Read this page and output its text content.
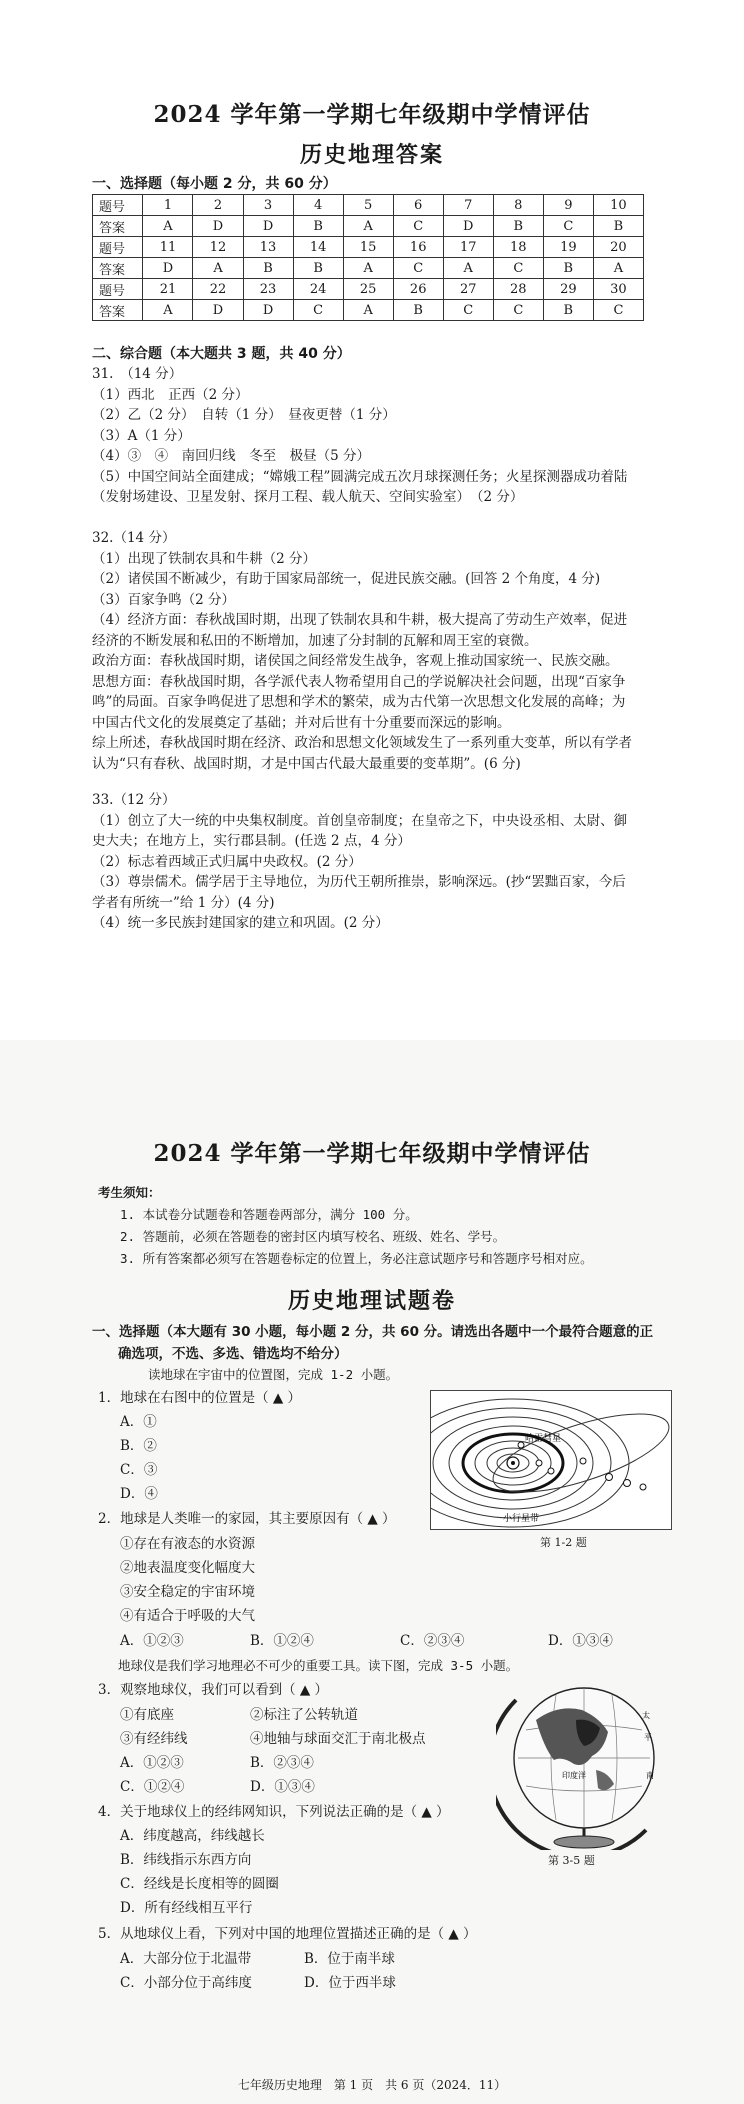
2024 学年第一学期七年级期中学情评估
历史地理答案
一、选择题（每小题 2 分，共 60 分）
题号	1	2	3	4	5	6	7	8	9	10
答案	A	D	D	B	A	C	D	B	C	B
题号	11	12	13	14	15	16	17	18	19	20
答案	D	A	B	B	A	C	A	C	B	A
题号	21	22	23	24	25	26	27	28	29	30
答案	A	D	D	C	A	B	C	C	B	C
二、综合题（本大题共 3 题，共 40 分）
31.　（14 分）
（1）西北　正西（2 分）
（2）乙（2 分）　自转（1 分）　昼夜更替（1 分）
（3）A（1 分）
（4）③　④　南回归线　冬至　极昼（5 分）
（5）中国空间站全面建成；“嫦娥工程”圆满完成五次月球探测任务；火星探测器成功着陆
（发射场建设、卫星发射、探月工程、载人航天、空间实验室）　（2 分）
32.（14 分）
（1）出现了铁制农具和牛耕（2 分）
（2）诸侯国不断减少，有助于国家局部统一，促进民族交融。(回答 2 个角度，4 分)
（3）百家争鸣（2 分）
（4）经济方面：春秋战国时期，出现了铁制农具和牛耕，极大提高了劳动生产效率，促进
经济的不断发展和私田的不断增加，加速了分封制的瓦解和周王室的衰微。
政治方面：春秋战国时期，诸侯国之间经常发生战争，客观上推动国家统一、民族交融。
思想方面：春秋战国时期，各学派代表人物希望用自己的学说解决社会问题，出现“百家争
鸣”的局面。百家争鸣促进了思想和学术的繁荣，成为古代第一次思想文化发展的高峰；为
中国古代文化的发展奠定了基础；并对后世有十分重要而深远的影响。
综上所述，春秋战国时期在经济、政治和思想文化领域发生了一系列重大变革，所以有学者
认为“只有春秋、战国时期，才是中国古代最大最重要的变革期”。(6 分)
33.（12 分）
（1）创立了大一统的中央集权制度。首创皇帝制度；在皇帝之下，中央设丞相、太尉、御
史大夫；在地方上，实行郡县制。(任选 2 点，4 分）
（2）标志着西域正式归属中央政权。(2 分）
（3）尊崇儒术。儒学居于主导地位，为历代王朝所推崇，影响深远。(抄“罢黜百家，今后
学者有所统一”给 1 分）(4 分)
（4）统一多民族封建国家的建立和巩固。(2 分）
2024 学年第一学期七年级期中学情评估
考生须知：
1. 本试卷分试题卷和答题卷两部分，满分 100 分。
2. 答题前，必须在答题卷的密封区内填写校名、班级、姓名、学号。
3. 所有答案都必须写在答题卷标定的位置上，务必注意试题序号和答题序号相对应。
历史地理试题卷
一、选择题（本大题有 30 小题，每小题 2 分，共 60 分。请选出各题中一个最符合题意的正
确选项，不选、多选、错选均不给分）
读地球在宇宙中的位置图，完成 1-2 小题。
1．地球在右图中的位置是（ ▲ ）
A．①
B．②
C．③
D．④
2．地球是人类唯一的家园，其主要原因有（ ▲ ）
①存在有液态的水资源
②地表温度变化幅度大
③安全稳定的宇宙环境
④有适合于呼吸的大气
A．①②③	B．①②④	C．②③④	D．①③④
地球仪是我们学习地理必不可少的重要工具。读下图，完成 3-5 小题。
3．观察地球仪，我们可以看到（ ▲ ）
①有底座	②标注了公转轨道
③有经纬线	④地轴与球面交汇于南北极点
A．①②③	B．②③④
C．①②④	D．①③④
4．关于地球仪上的经纬网知识，下列说法正确的是（ ▲ ）
A．纬度越高，纬线越长
B．纬线指示东西方向
C．经线是长度相等的圆圈
D．所有经线相互平行
5．从地球仪上看，下列对中国的地理位置描述正确的是（ ▲ ）
A．大部分位于北温带	B．位于南半球
C．小部分位于高纬度	D．位于西半球
哈雷彗星
小行星带
第 1-2 题
印度洋
太
平
南
第 3-5 题
七年级历史地理　第 1 页　共 6 页（2024．11）
